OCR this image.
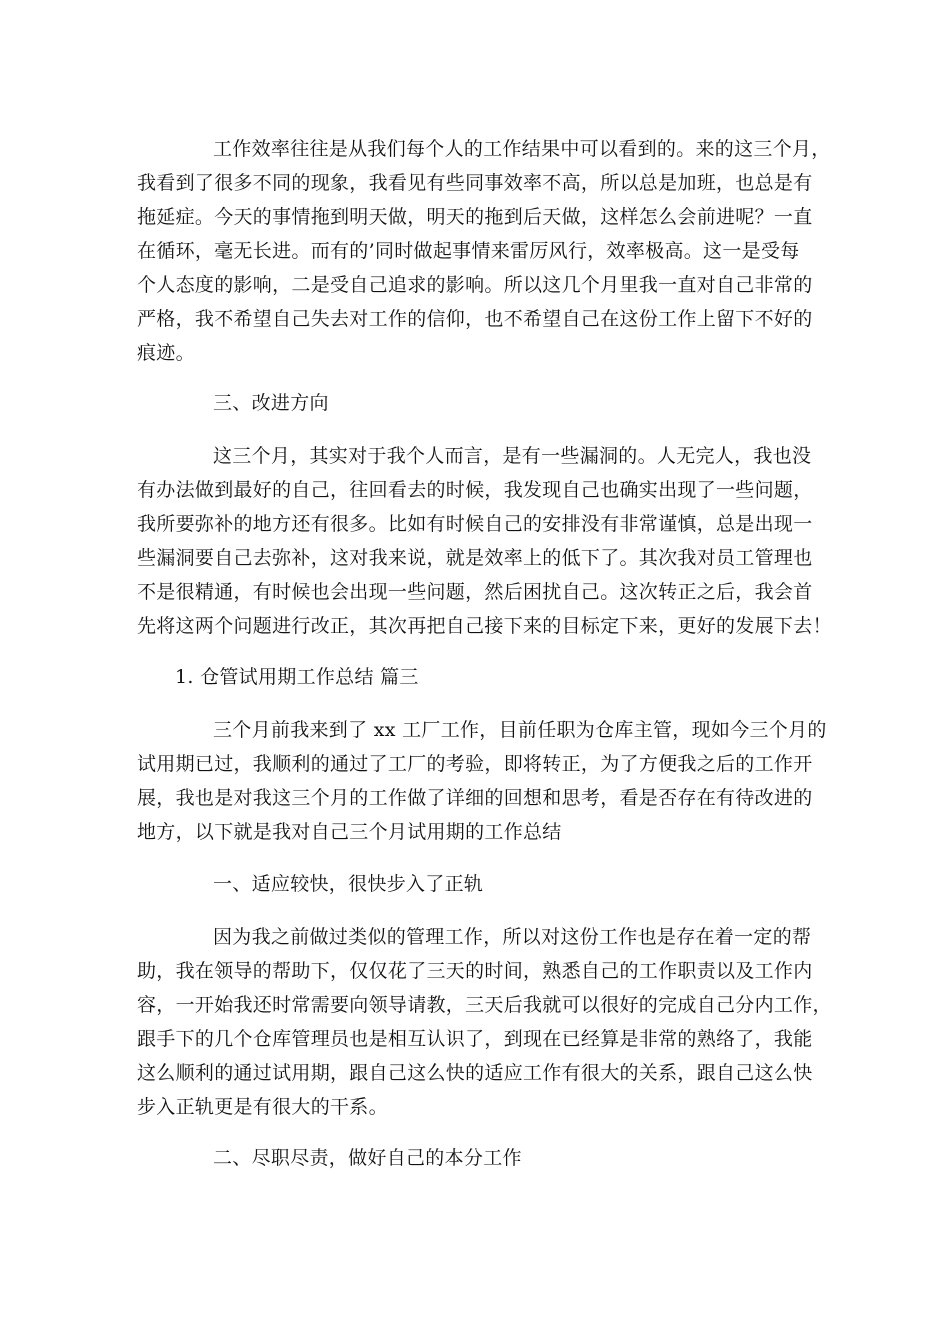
工作效率往往是从我们每个人的工作结果中可以看到的。来的这三个月，
我看到了很多不同的现象，我看见有些同事效率不高，所以总是加班，也总是有
拖延症。今天的事情拖到明天做，明天的拖到后天做，这样怎么会前进呢？一直
在循环，毫无长进。而有的’同时做起事情来雷厉风行，效率极高。这一是受每
个人态度的影响，二是受自己追求的影响。所以这几个月里我一直对自己非常的
严格，我不希望自己失去对工作的信仰，也不希望自己在这份工作上留下不好的
痕迹。
三、改进方向
这三个月，其实对于我个人而言，是有一些漏洞的。人无完人，我也没
有办法做到最好的自己，往回看去的时候，我发现自己也确实出现了一些问题，
我所要弥补的地方还有很多。比如有时候自己的安排没有非常谨慎，总是出现一
些漏洞要自己去弥补，这对我来说，就是效率上的低下了。其次我对员工管理也
不是很精通，有时候也会出现一些问题，然后困扰自己。这次转正之后，我会首
先将这两个问题进行改正，其次再把自己接下来的目标定下来，更好的发展下去！
1. 仓管试用期工作总结 篇三
三个月前我来到了 xx 工厂工作，目前任职为仓库主管，现如今三个月的
试用期已过，我顺利的通过了工厂的考验，即将转正，为了方便我之后的工作开
展，我也是对我这三个月的工作做了详细的回想和思考，看是否存在有待改进的
地方，以下就是我对自己三个月试用期的工作总结
一、适应较快，很快步入了正轨
因为我之前做过类似的管理工作，所以对这份工作也是存在着一定的帮
助，我在领导的帮助下，仅仅花了三天的时间，熟悉自己的工作职责以及工作内
容，一开始我还时常需要向领导请教，三天后我就可以很好的完成自己分内工作，
跟手下的几个仓库管理员也是相互认识了，到现在已经算是非常的熟络了，我能
这么顺利的通过试用期，跟自己这么快的适应工作有很大的关系，跟自己这么快
步入正轨更是有很大的干系。
二、尽职尽责，做好自己的本分工作
